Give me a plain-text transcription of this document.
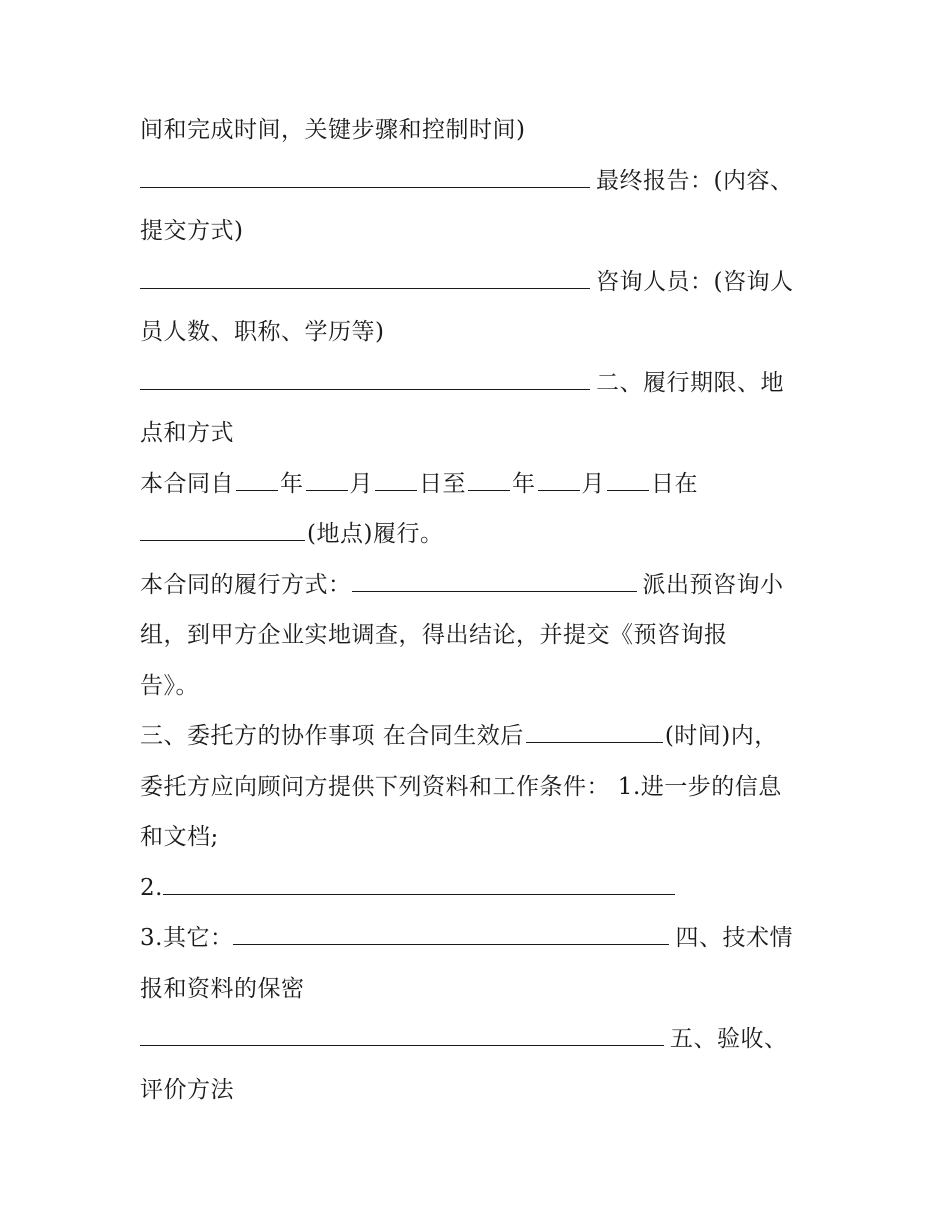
间和完成时间，关键步骤和控制时间)
最终报告：(内容、
提交方式)
咨询人员：(咨询人
员人数、职称、学历等)
二、履行期限、地
点和方式
本合同自 年 月 日至 年 月 日在
(地点)履行。
本合同的履行方式：	派出预咨询小
组，到甲方企业实地调查，得出结论，并提交《预咨询报
告》。
三、委托方的协作事项 在合同生效后	(时间)内，
委托方应向顾问方提供下列资料和工作条件： 1.进一步的信息
和文档;
2.
3.其它：	四、技术情
报和资料的保密
五、验收、
评价方法
